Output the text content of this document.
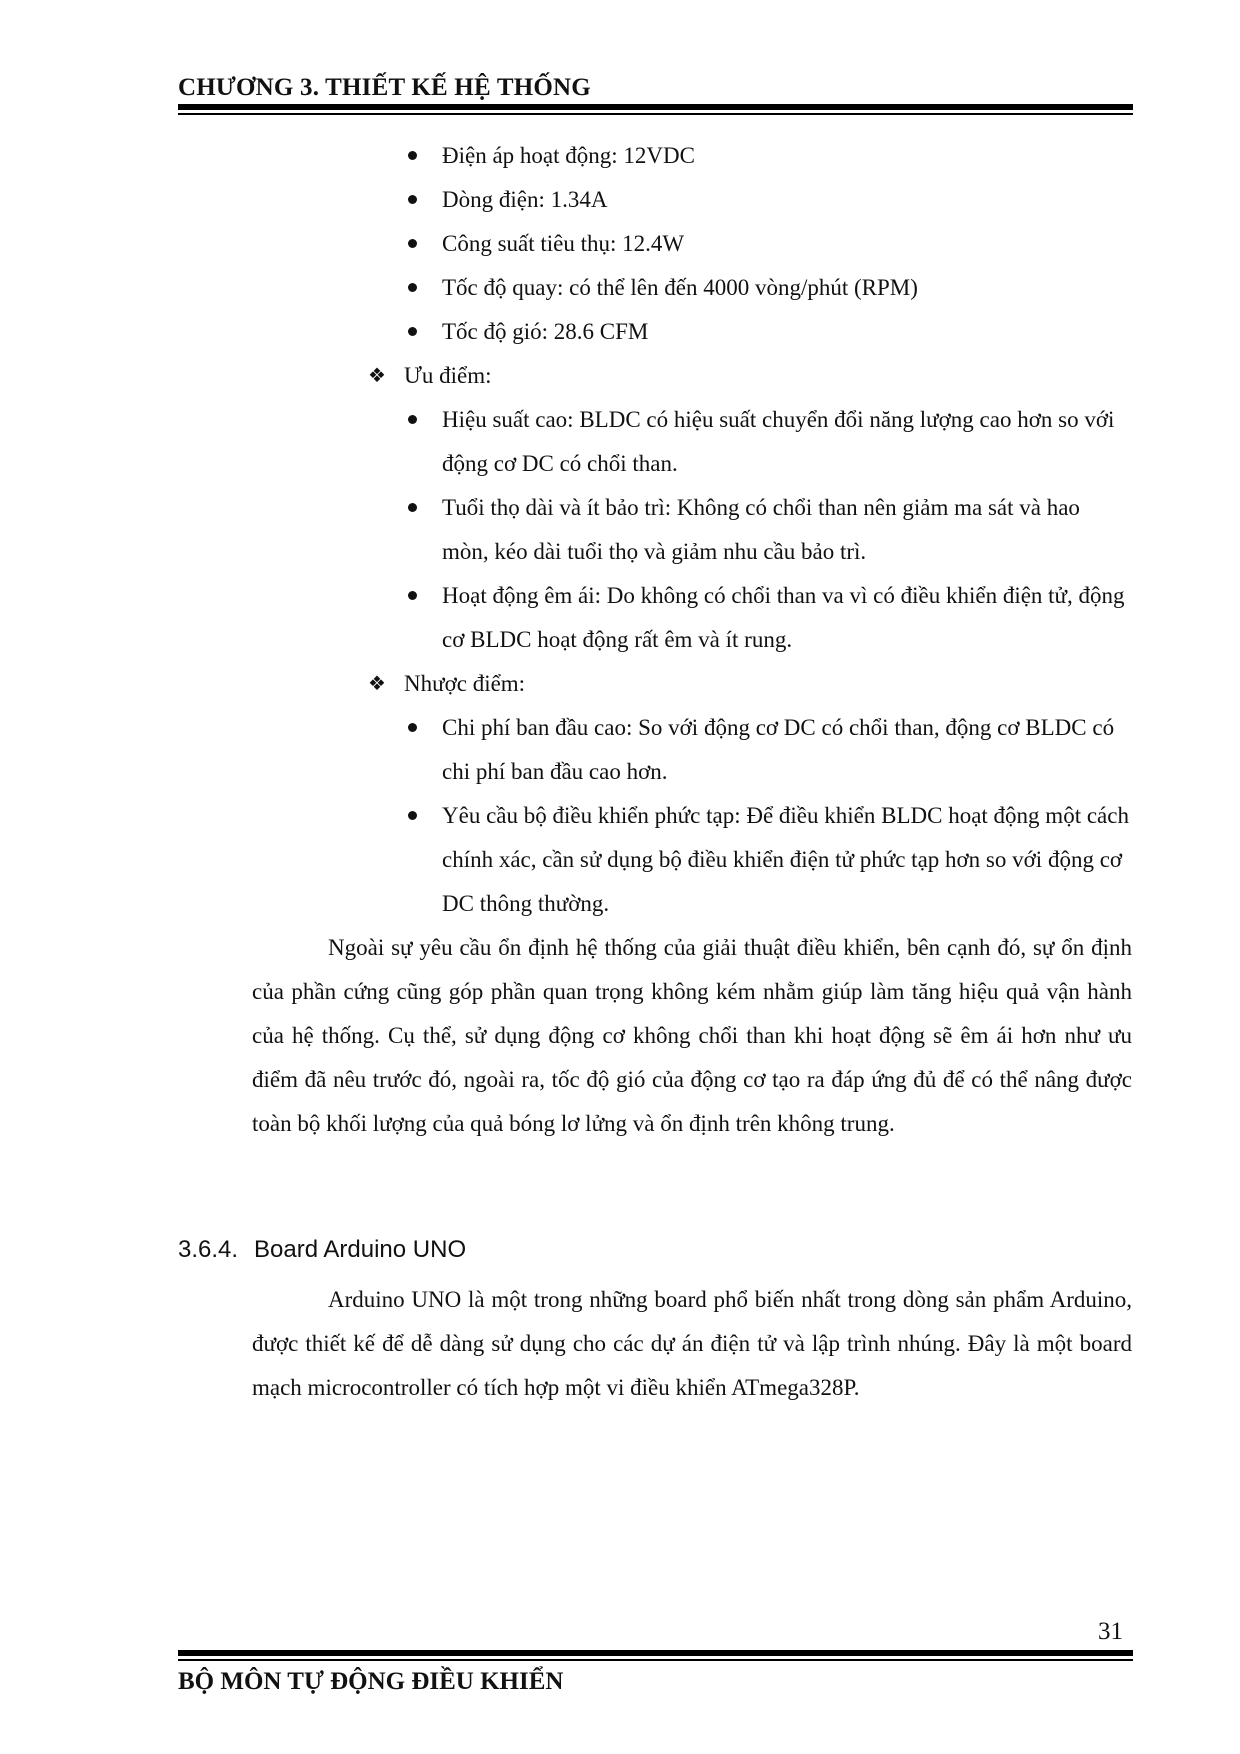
CHƯƠNG 3. THIẾT KẾ HỆ THỐNG
Điện áp hoạt động: 12VDC
Dòng điện: 1.34A
Công suất tiêu thụ: 12.4W
Tốc độ quay: có thể lên đến 4000 vòng/phút (RPM)
Tốc độ gió: 28.6 CFM
❖ Ưu điểm:
Hiệu suất cao: BLDC có hiệu suất chuyển đổi năng lượng cao hơn so với động cơ DC có chổi than.
Tuổi thọ dài và ít bảo trì: Không có chổi than nên giảm ma sát và hao mòn, kéo dài tuổi thọ và giảm nhu cầu bảo trì.
Hoạt động êm ái: Do không có chổi than va vì có điều khiển điện tử, động cơ BLDC hoạt động rất êm và ít rung.
❖ Nhược điểm:
Chi phí ban đầu cao: So với động cơ DC có chổi than, động cơ BLDC có chi phí ban đầu cao hơn.
Yêu cầu bộ điều khiển phức tạp: Để điều khiển BLDC hoạt động một cách chính xác, cần sử dụng bộ điều khiển điện tử phức tạp hơn so với động cơ DC thông thường.
Ngoài sự yêu cầu ổn định hệ thống của giải thuật điều khiển, bên cạnh đó, sự ổn định của phần cứng cũng góp phần quan trọng không kém nhằm giúp làm tăng hiệu quả vận hành của hệ thống. Cụ thể, sử dụng động cơ không chổi than khi hoạt động sẽ êm ái hơn như ưu điểm đã nêu trước đó, ngoài ra, tốc độ gió của động cơ tạo ra đáp ứng đủ để có thể nâng được toàn bộ khối lượng của quả bóng lơ lửng và ổn định trên không trung.
3.6.4. Board Arduino UNO
Arduino UNO là một trong những board phổ biến nhất trong dòng sản phẩm Arduino, được thiết kế để dễ dàng sử dụng cho các dự án điện tử và lập trình nhúng. Đây là một board mạch microcontroller có tích hợp một vi điều khiển ATmega328P.
31
BỘ MÔN TỰ ĐỘNG ĐIỀU KHIỂN
